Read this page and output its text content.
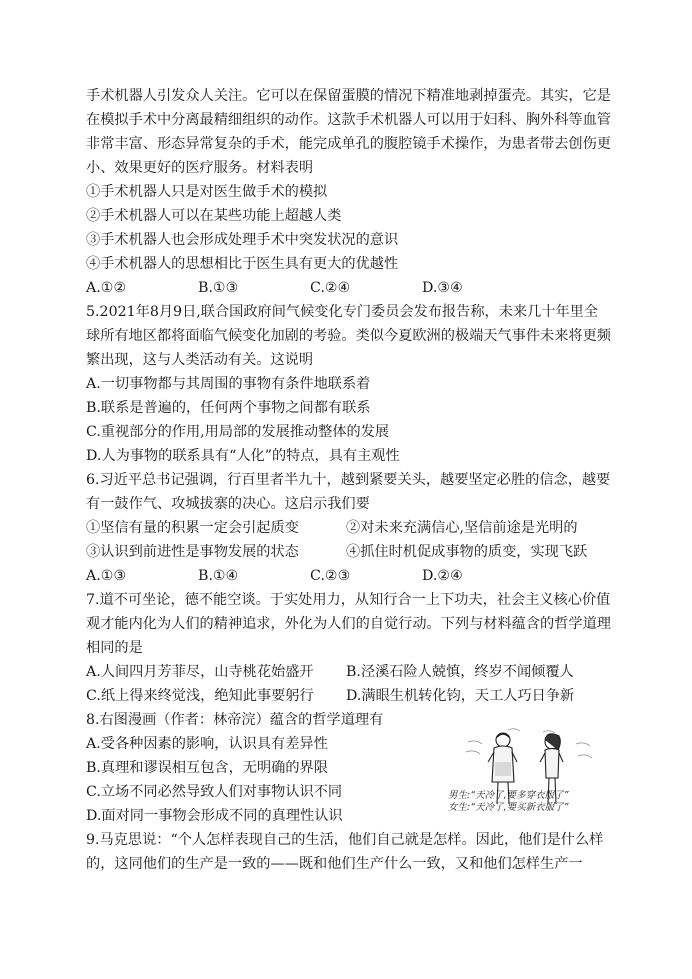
手术机器人引发众人关注。它可以在保留蛋膜的情况下精准地剥掉蛋壳。其实，它是

在模拟手术中分离最精细组织的动作。这款手术机器人可以用于妇科、胸外科等血管

非常丰富、形态异常复杂的手术，能完成单孔的腹腔镜手术操作，为患者带去创伤更

小、效果更好的医疗服务。材料表明

①手术机器人只是对医生做手术的模拟

②手术机器人可以在某些功能上超越人类

③手术机器人也会形成处理手术中突发状况的意识

④手术机器人的思想相比于医生具有更大的优越性

A.①②	B.①③	C.②④	D.③④

5.2021年8月9日,联合国政府间气候变化专门委员会发布报告称，未来几十年里全

球所有地区都将面临气候变化加剧的考验。类似今夏欧洲的极端天气事件未来将更频

繁出现，这与人类活动有关。这说明

A.一切事物都与其周围的事物有条件地联系着

B.联系是普遍的，任何两个事物之间都有联系

C.重视部分的作用,用局部的发展推动整体的发展

D.人为事物的联系具有“人化”的特点，具有主观性

6.习近平总书记强调，行百里者半九十，越到紧要关头，越要坚定必胜的信念，越要

有一鼓作气、攻城拔寨的决心。这启示我们要

①坚信有量的积累一定会引起质变	②对未来充满信心,坚信前途是光明的
③认识到前进性是事物发展的状态	④抓住时机促成事物的质变，实现飞跃
A.①③	B.①④	C.②③	D.②④

7.道不可坐论，德不能空谈。于实处用力，从知行合一上下功夫，社会主义核心价值

观才能内化为人们的精神追求，外化为人们的自觉行动。下列与材料蕴含的哲学道理

相同的是

A.人间四月芳菲尽，山寺桃花始盛开	B.泾溪石险人兢慎，终岁不闻倾覆人
C.纸上得来终觉浅，绝知此事要躬行	D.满眼生机转化钧，天工人巧日争新

8.右图漫画（作者：林帝浣）蕴含的哲学道理有

A.受各种因素的影响，认识具有差异性

B.真理和谬误相互包含，无明确的界限

C.立场不同必然导致人们对事物认识不同

D.面对同一事物会形成不同的真理性认识

9.马克思说：“个人怎样表现自己的生活，他们自己就是怎样。因此，他们是什么样

的，这同他们的生产是一致的——既和他们生产什么一致，又和他们怎样生产一

男生:“天冷了,要多穿衣服了”
女生:“天冷了,要买新衣服了”
